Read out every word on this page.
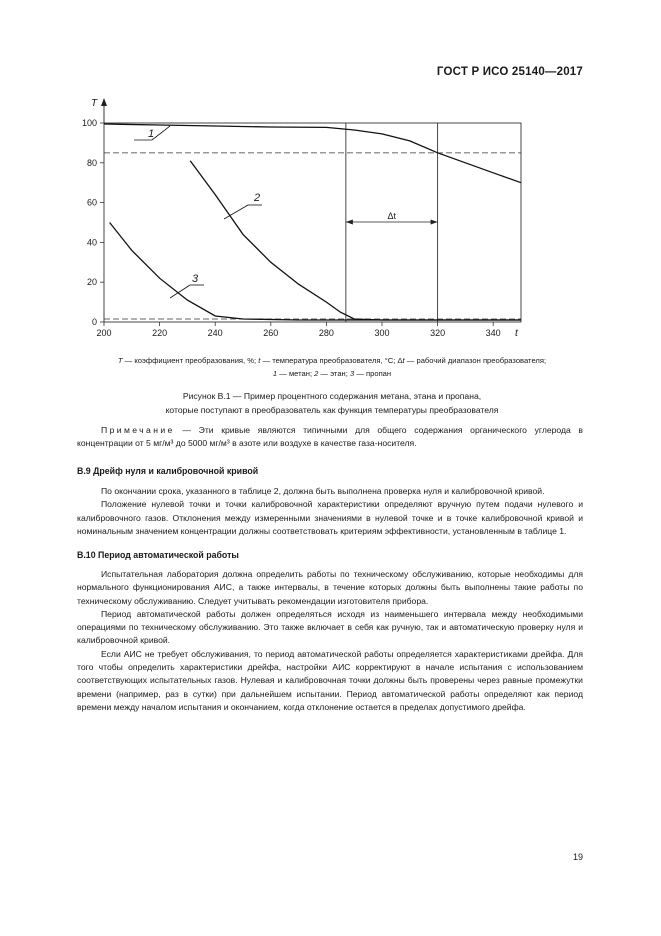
ГОСТ Р ИСО 25140—2017
T
200	220	240	260	280	300	320	340 t
0
20
40
60
80
100
Δt
1
2
3
T — коэффициент преобразования, %; t — температура преобразователя, °С; Δt — рабочий диапазон преобразователя;
1 — метан; 2 — этан; 3 — пропан
Рисунок В.1 — Пример процентного содержания метана, этана и пропана,
которые поступают в преобразователь как функция температуры преобразователя

Примечание — Эти кривые являются типичными для общего содержания органического углерода в концентрации от 5 мг/м³ до 5000 мг/м³ в азоте или воздухе в качестве газа-носителя.

В.9 Дрейф нуля и калибровочной кривой

По окончании срока, указанного в таблице 2, должна быть выполнена проверка нуля и калибровочной кривой.

Положение нулевой точки и точки калибровочной характеристики определяют вручную путем подачи нулевого и калибровочного газов. Отклонения между измеренными значениями в нулевой точке и в точке калибровочной кривой и номинальным значением концентрации должны соответствовать критериям эффективности, установленным в таблице 1.

В.10 Период автоматической работы

Испытательная лаборатория должна определить работы по техническому обслуживанию, которые необходимы для нормального функционирования АИС, а также интервалы, в течение которых должны быть выполнены такие работы по техническому обслуживанию. Следует учитывать рекомендации изготовителя прибора.

Период автоматической работы должен определяться исходя из наименьшего интервала между необходимыми операциями по техническому обслуживанию. Это также включает в себя как ручную, так и автоматическую проверку нуля и калибровочной кривой.

Если АИС не требует обслуживания, то период автоматической работы определяется характеристиками дрейфа. Для того чтобы определить характеристики дрейфа, настройки АИС корректируют в начале испытания с использованием соответствующих испытательных газов. Нулевая и калибровочная точки должны быть проверены через равные промежутки времени (например, раз в сутки) при дальнейшем испытании. Период автоматической работы определяют как период времени между началом испытания и окончанием, когда отклонение остается в пределах допустимого дрейфа.

19
